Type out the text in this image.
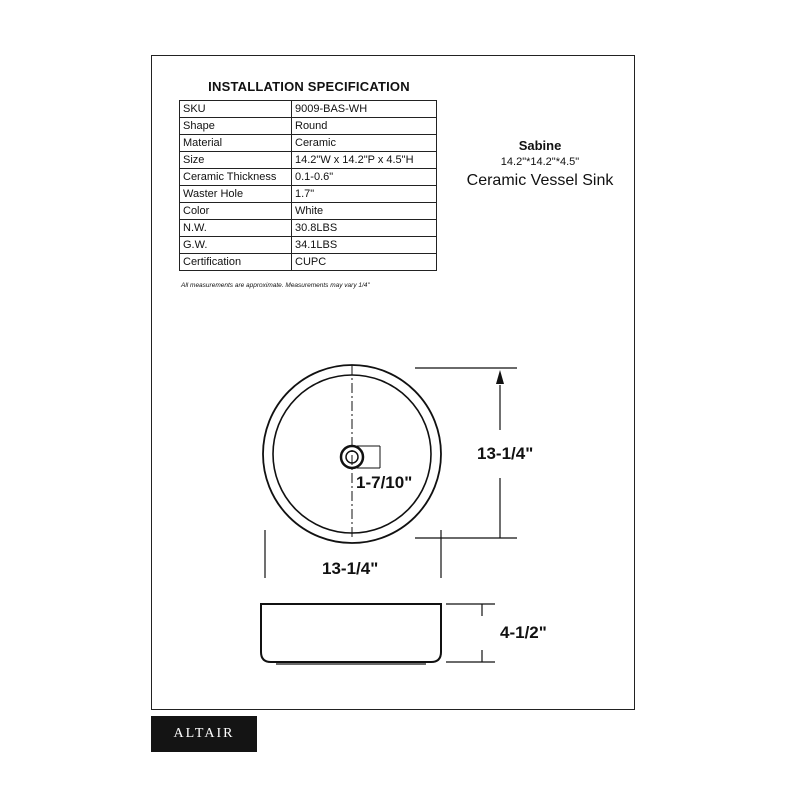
INSTALLATION SPECIFICATION
SKU	9009-BAS-WH
Shape	Round
Material	Ceramic
Size	14.2"W x 14.2"P x 4.5"H
Ceramic Thickness	0.1-0.6"
Waster Hole	1.7"
Color	White
N.W.	30.8LBS
G.W.	34.1LBS
Certification	CUPC
All measurements are approximate. Measurements may vary 1/4"
Sabine
14.2"*14.2"*4.5"
Ceramic Vessel Sink
13-1/4"
1-7/10"
13-1/4"
4-1/2"
ALTAIR
